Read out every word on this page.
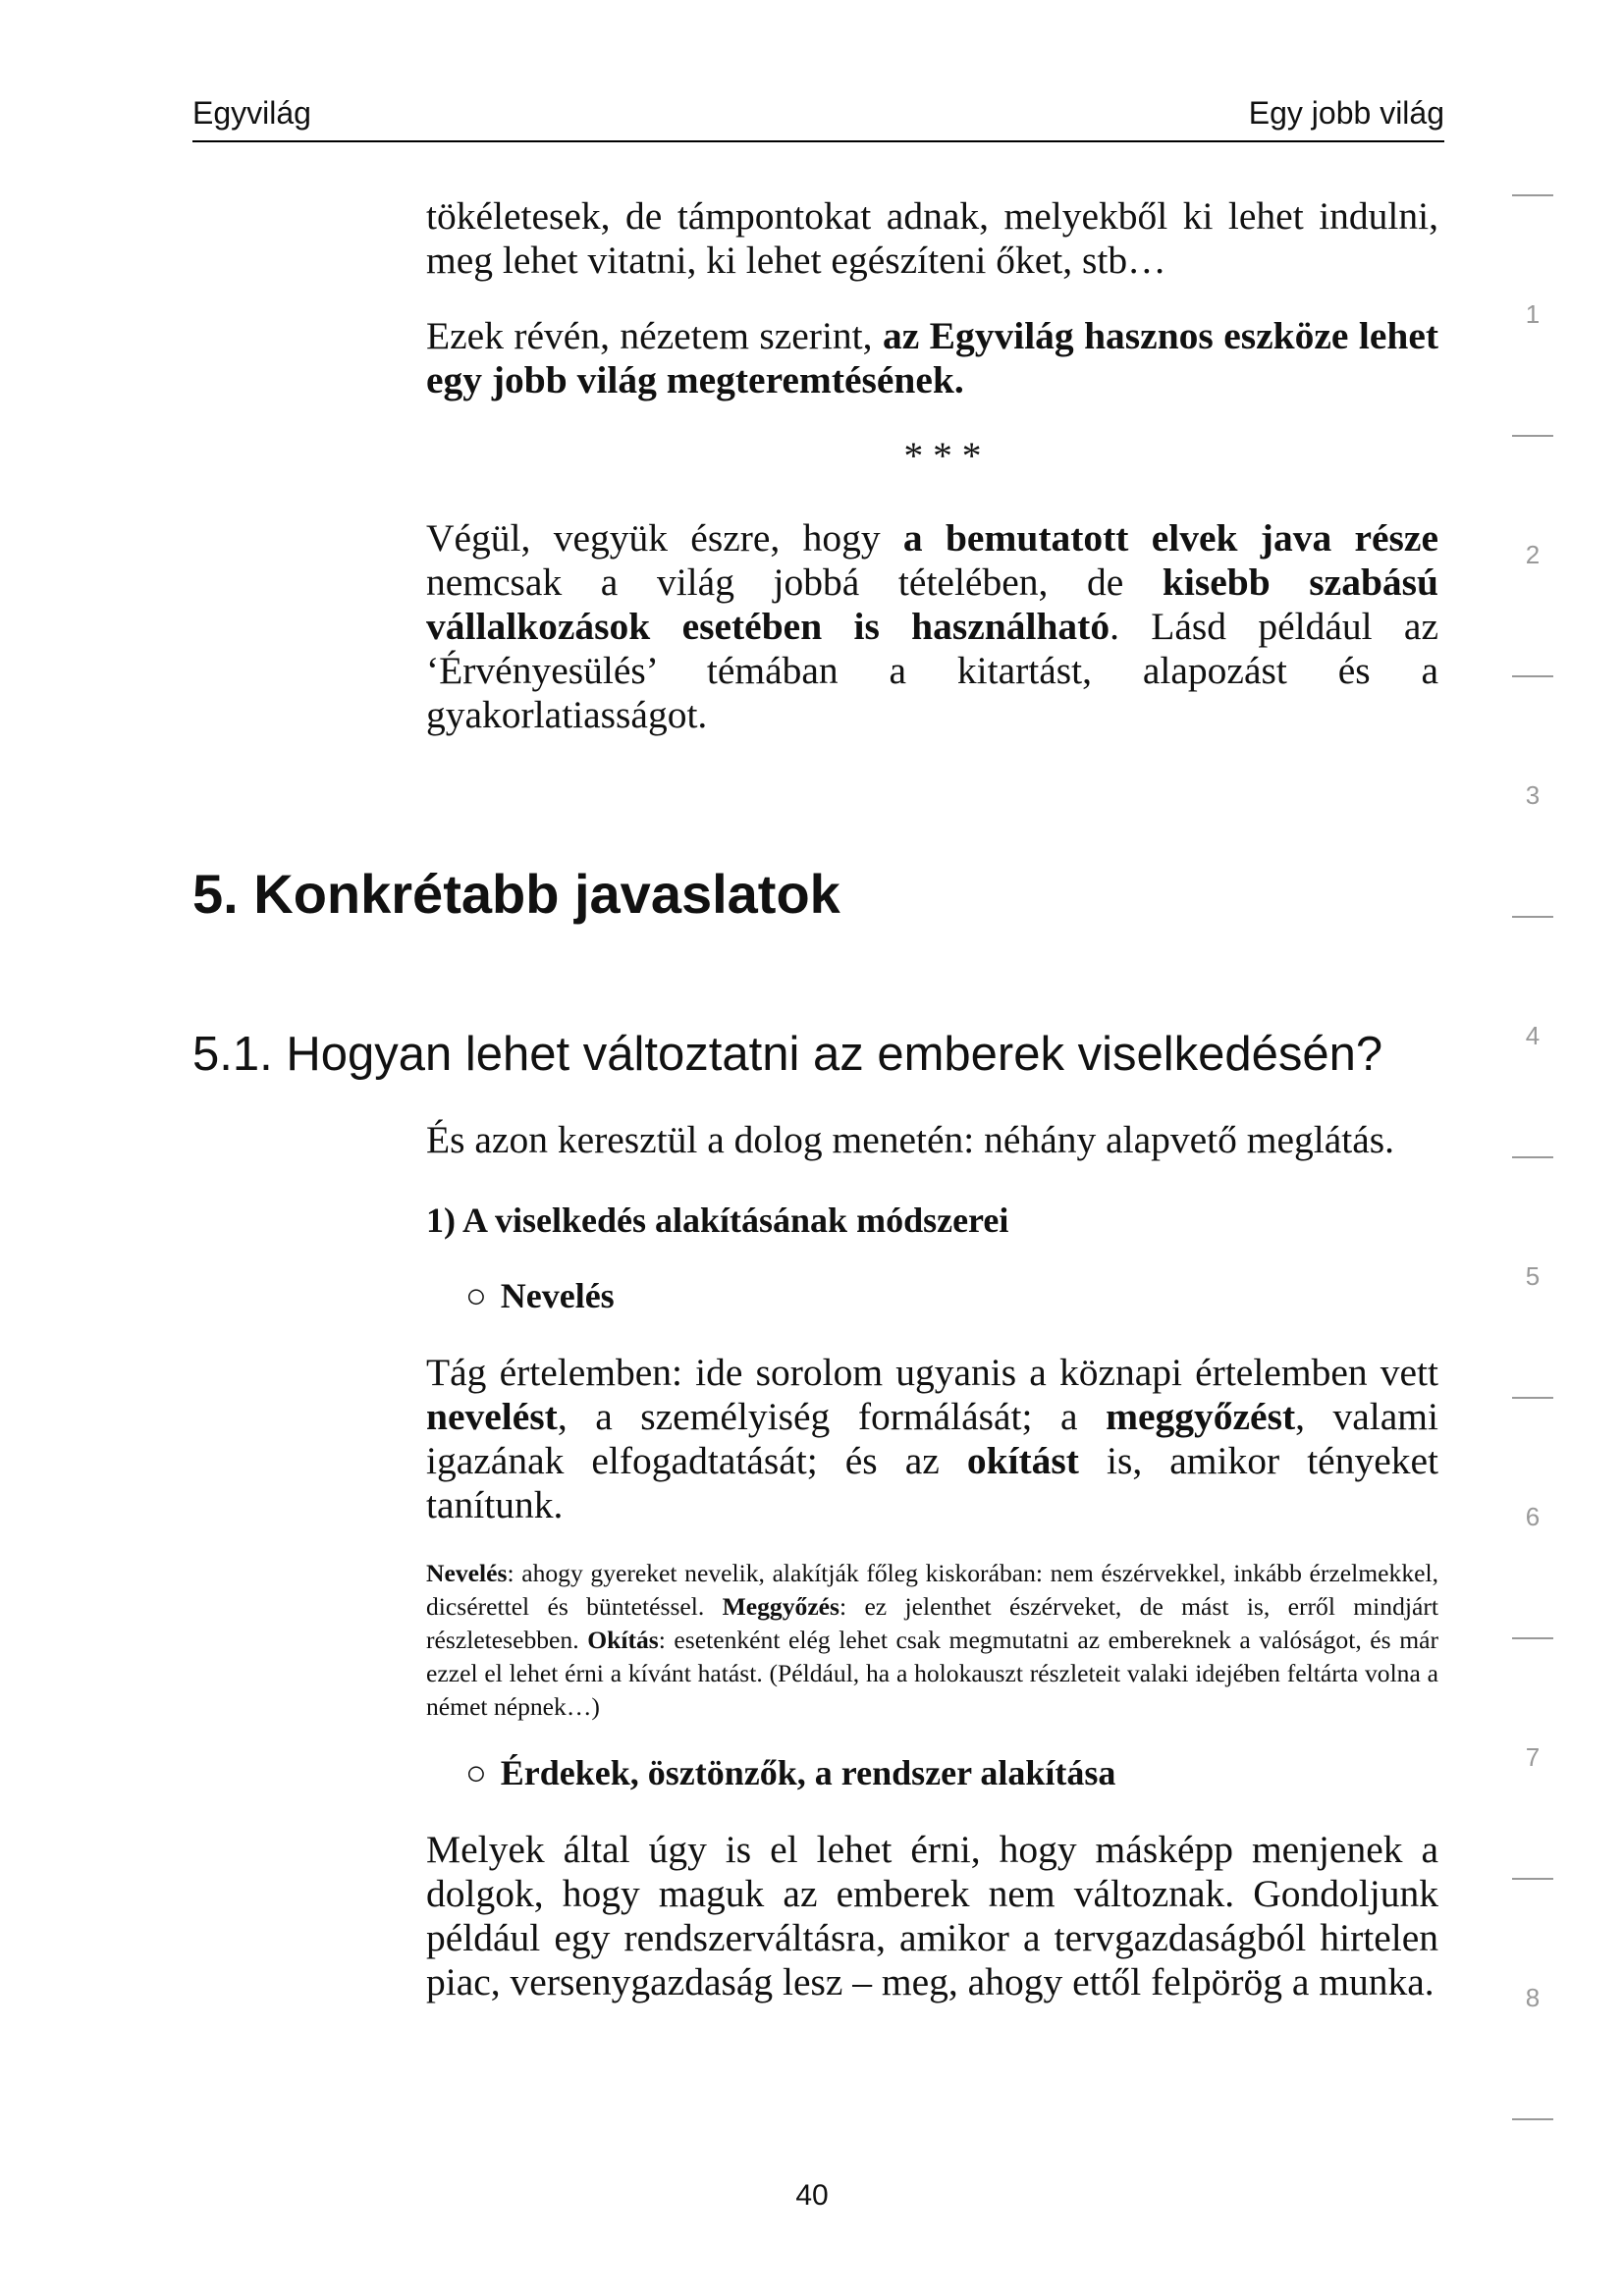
Egyvilág	Egy jobb világ

tökéletesek, de támpontokat adnak, melyekből ki lehet indulni, meg lehet vitatni, ki lehet egészíteni őket, stb…

Ezek révén, nézetem szerint, az Egyvilág hasznos eszköze lehet egy jobb világ megteremtésének.

* * *

Végül, vegyük észre, hogy a bemutatott elvek java része nemcsak a világ jobbá tételében, de kisebb szabású vállalkozások esetében is használható. Lásd például az ‘Érvényesülés’ témában a kitartást, alapozást és a gyakorlatiasságot.

5. Konkrétabb javaslatok
5.1. Hogyan lehet változtatni az emberek viselkedésén?

És azon keresztül a dolog menetén: néhány alapvető meglátás.

1) A viselkedés alakításának módszerei

○ Nevelés

Tág értelemben: ide sorolom ugyanis a köznapi értelemben vett nevelést, a személyiség formálását; a meggyőzést, valami igazának elfogadtatását; és az okítást is, amikor tényeket tanítunk.

Nevelés: ahogy gyereket nevelik, alakítják főleg kiskorában: nem észérvekkel, inkább érzelmekkel, dicsérettel és büntetéssel. Meggyőzés: ez jelenthet észérveket, de mást is, erről mindjárt részletesebben. Okítás: esetenként elég lehet csak megmutatni az embereknek a valóságot, és már ezzel el lehet érni a kívánt hatást. (Például, ha a holokauszt részleteit valaki idejében feltárta volna a német népnek…)

○ Érdekek, ösztönzők, a rendszer alakítása

Melyek által úgy is el lehet érni, hogy másképp menjenek a dolgok, hogy maguk az emberek nem változnak. Gondoljunk például egy rendszerváltásra, amikor a tervgazdaságból hirtelen piac, versenygazdaság lesz – meg, ahogy ettől felpörög a munka.

1
2
3
4
5
6
7
8
40
